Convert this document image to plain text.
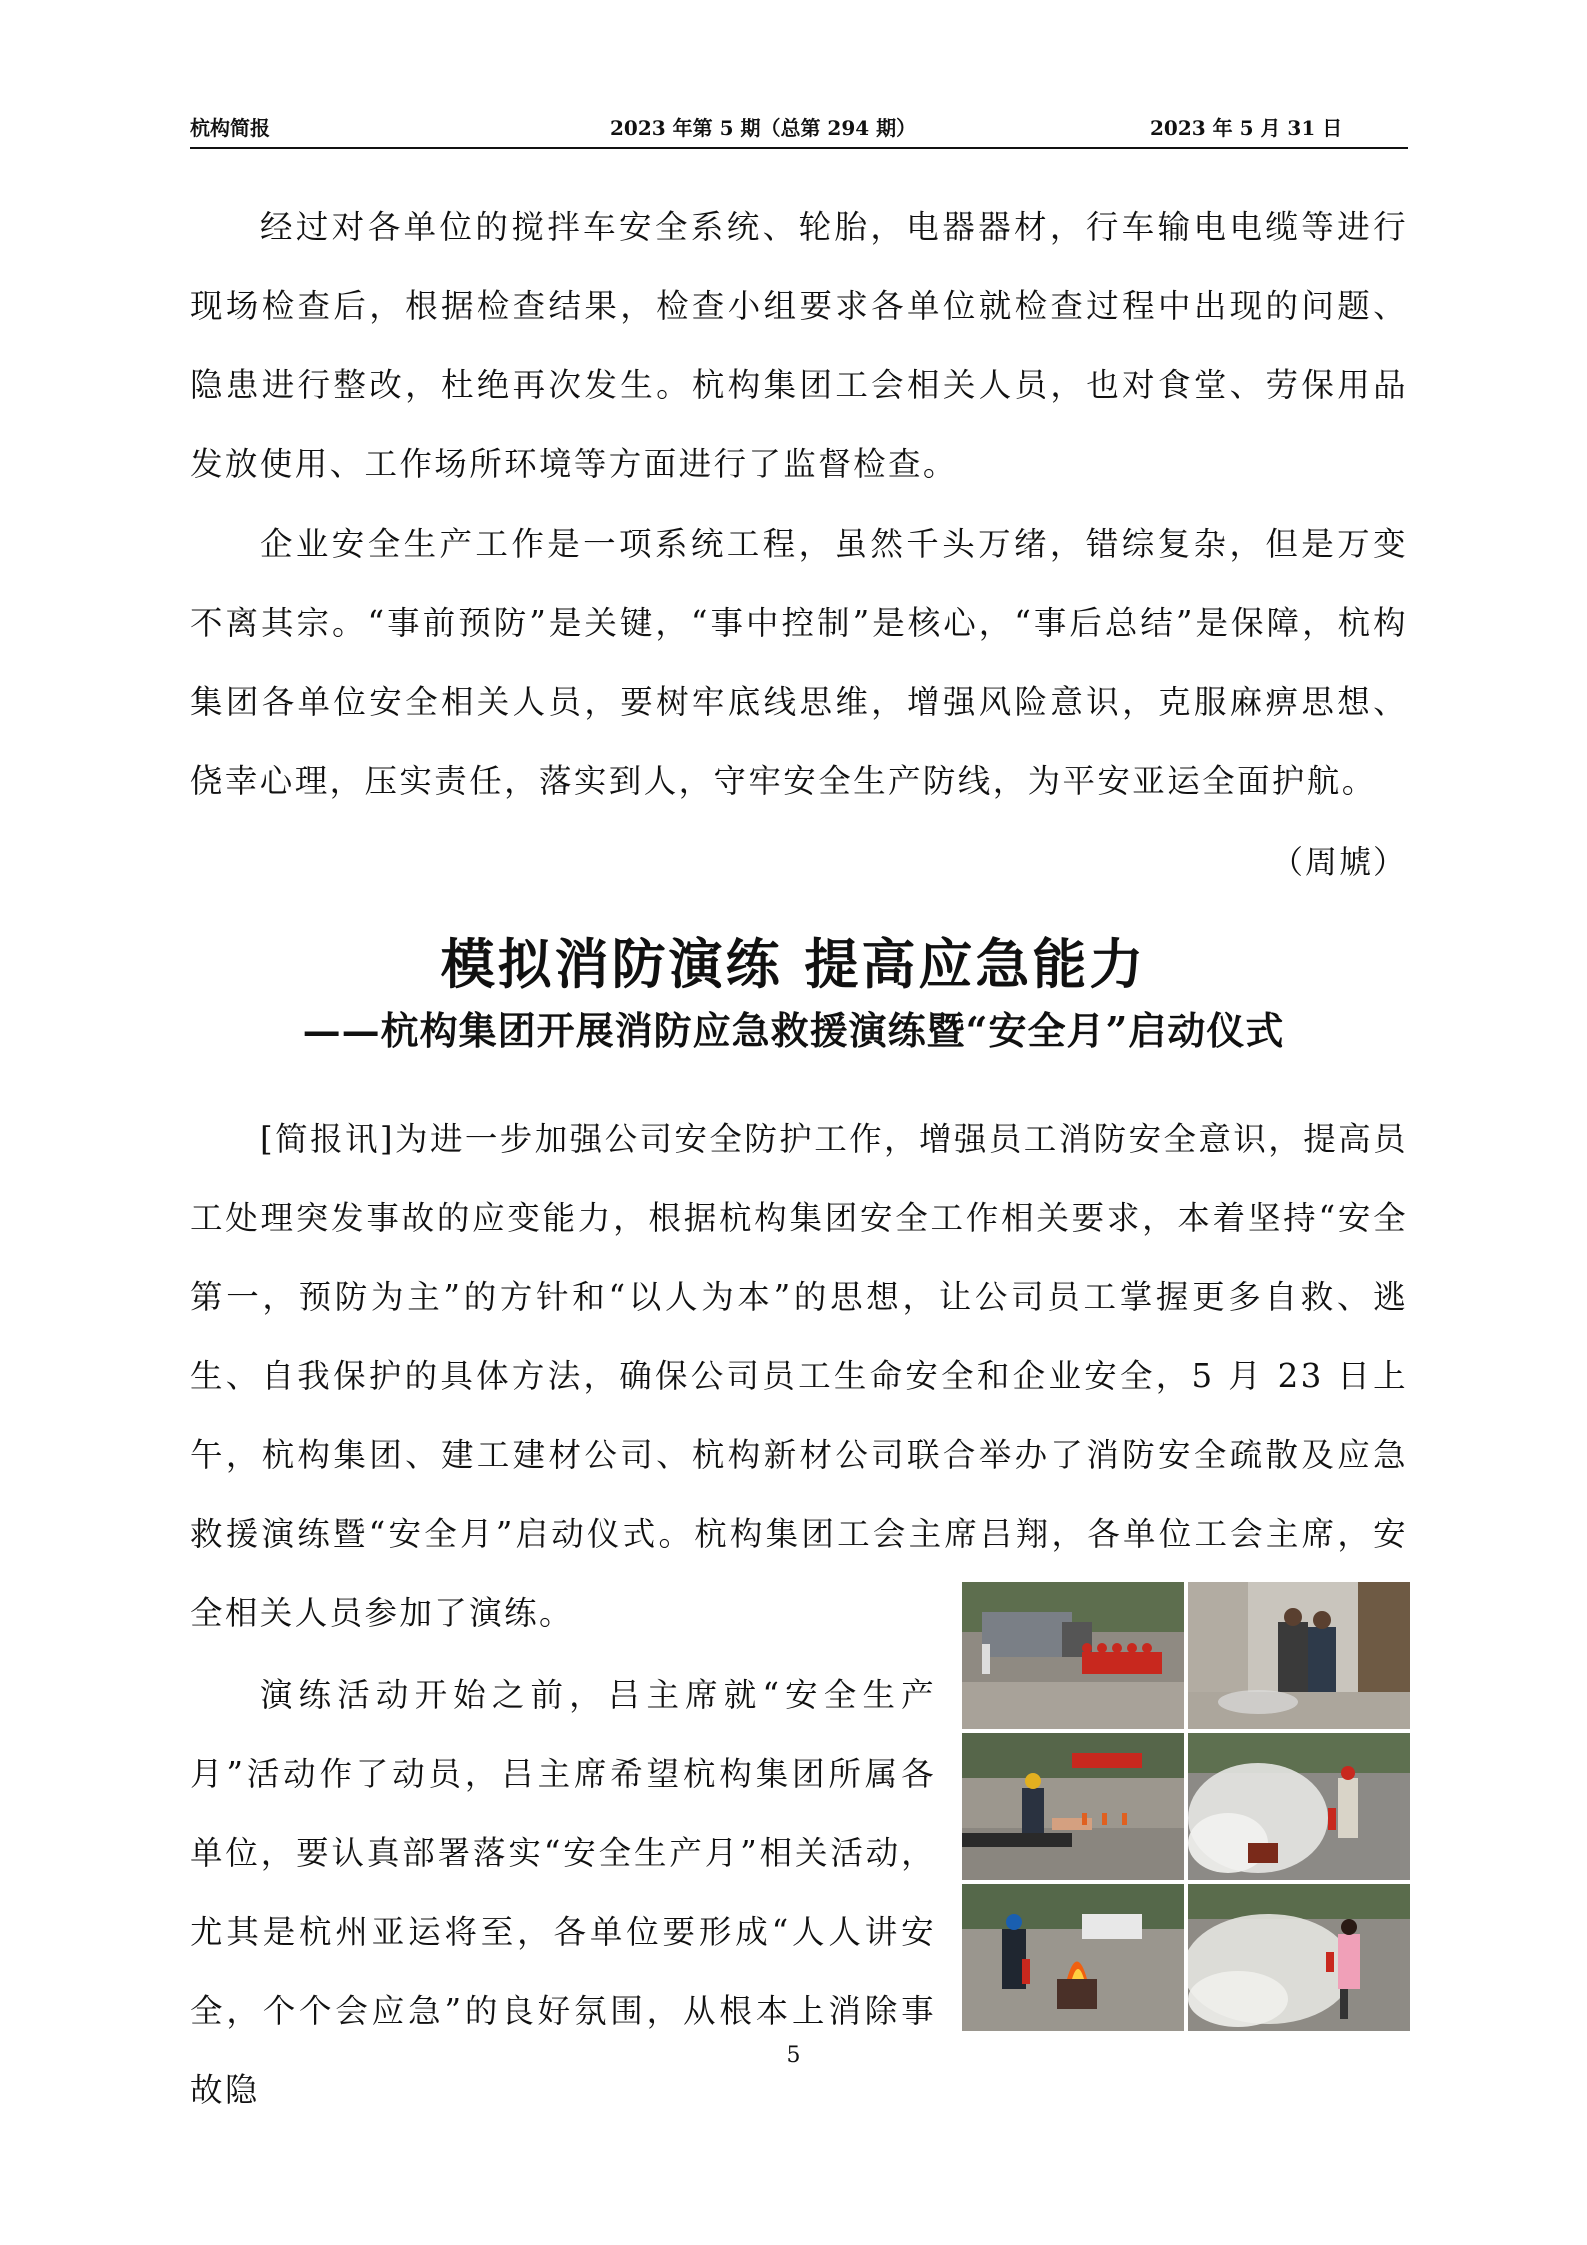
杭构简报	2023 年第 5 期（总第 294 期）	2023 年 5 月 31 日

经过对各单位的搅拌车安全系统、轮胎，电器器材，行车输电电缆等进行现场检查后，根据检查结果，检查小组要求各单位就检查过程中出现的问题、隐患进行整改，杜绝再次发生。杭构集团工会相关人员，也对食堂、劳保用品发放使用、工作场所环境等方面进行了监督检查。

企业安全生产工作是一项系统工程，虽然千头万绪，错综复杂，但是万变不离其宗。“事前预防”是关键，“事中控制”是核心，“事后总结”是保障，杭构集团各单位安全相关人员，要树牢底线思维，增强风险意识，克服麻痹思想、侥幸心理，压实责任，落实到人，守牢安全生产防线，为平安亚运全面护航。

（周虓）
模拟消防演练 提高应急能力
——杭构集团开展消防应急救援演练暨“安全月”启动仪式

[简报讯]为进一步加强公司安全防护工作，增强员工消防安全意识，提高员工处理突发事故的应变能力，根据杭构集团安全工作相关要求，本着坚持“安全第一，预防为主”的方针和“以人为本”的思想，让公司员工掌握更多自救、逃生、自我保护的具体方法，确保公司员工生命安全和企业安全，5 月 23 日上午，杭构集团、建工建材公司、杭构新材公司联合举办了消防安全疏散及应急救援演练暨“安全月”启动仪式。杭构集团工会主席吕翔，各单位工会主席，安全相关人员参加了演练。

演练活动开始之前，吕主席就“安全生产月”活动作了动员，吕主席希望杭构集团所属各单位，要认真部署落实“安全生产月”相关活动，尤其是杭州亚运将至，各单位要形成“人人讲安全，个个会应急”的良好氛围，从根本上消除事故隐

5
